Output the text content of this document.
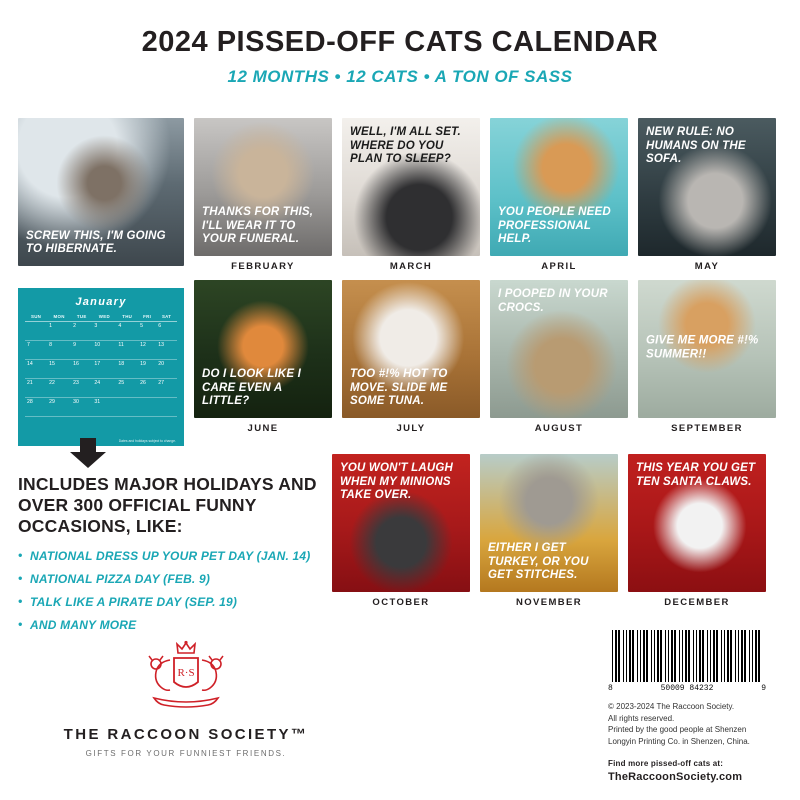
2024 PISSED-OFF CATS CALENDAR
12 MONTHS • 12 CATS • A TON OF SASS
SCREW THIS, I'M GOING TO HIBERNATE.
THANKS FOR THIS, I'LL WEAR IT TO YOUR FUNERAL.
FEBRUARY
WELL, I'M ALL SET. WHERE DO YOU PLAN TO SLEEP?
MARCH
YOU PEOPLE NEED PROFESSIONAL HELP.
APRIL
NEW RULE: NO HUMANS ON THE SOFA.
MAY
January
SUN	MON	TUE	WED	THU	FRI	SAT
	1	2	3	4	5	6
7	8	9	10	11	12	13
14	15	16	17	18	19	20
21	22	23	24	25	26	27
28	29	30	31			
Dates and holidays subject to change.
DO I LOOK LIKE I CARE EVEN A LITTLE?
JUNE
TOO #!% HOT TO MOVE. SLIDE ME SOME TUNA.
JULY
I POOPED IN YOUR CROCS.
AUGUST
GIVE ME MORE #!% SUMMER!!
SEPTEMBER
YOU WON'T LAUGH WHEN MY MINIONS TAKE OVER.
OCTOBER
EITHER I GET TURKEY, OR YOU GET STITCHES.
NOVEMBER
THIS YEAR YOU GET TEN SANTA CLAWS.
DECEMBER
INCLUDES MAJOR HOLIDAYS AND OVER 300 OFFICIAL FUNNY OCCASIONS, LIKE:
• NATIONAL DRESS UP YOUR PET DAY (JAN. 14)
• NATIONAL PIZZA DAY (FEB. 9)
• TALK LIKE A PIRATE DAY (SEP. 19)
• AND MANY MORE
R·S
THE RACCOON SOCIETY™
GIFTS FOR YOUR FUNNIEST FRIENDS.
8	50009 84232	9
© 2023-2024 The Raccoon Society.
All rights reserved.
Printed by the good people at Shenzen
Longyin Printing Co. in Shenzen, China.
Find more pissed-off cats at:
TheRaccoonSociety.com
